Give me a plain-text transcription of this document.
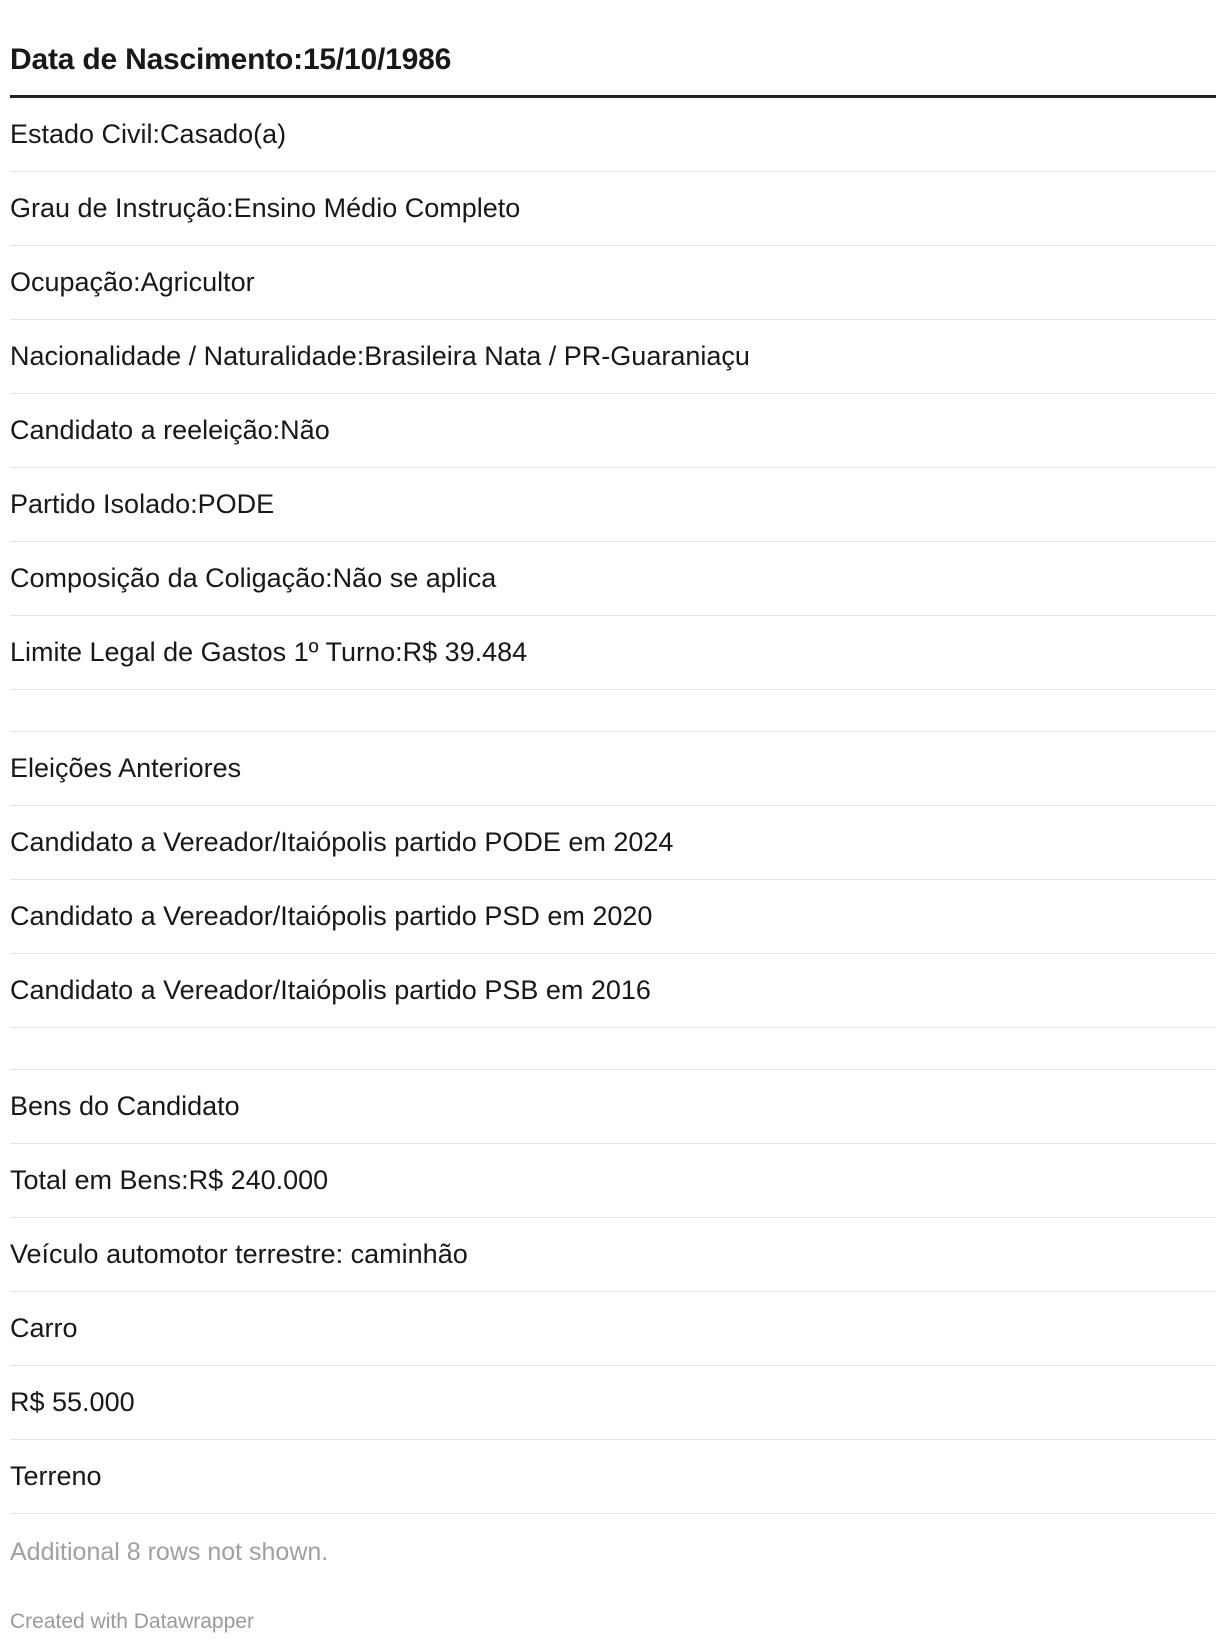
Data de Nascimento:15/10/1986
Estado Civil:Casado(a)
Grau de Instrução:Ensino Médio Completo
Ocupação:Agricultor
Nacionalidade / Naturalidade:Brasileira Nata / PR-Guaraniaçu
Candidato a reeleição:Não
Partido Isolado:PODE
Composição da Coligação:Não se aplica
Limite Legal de Gastos 1º Turno:R$ 39.484
Eleições Anteriores
Candidato a Vereador/Itaiópolis partido PODE em 2024
Candidato a Vereador/Itaiópolis partido PSD em 2020
Candidato a Vereador/Itaiópolis partido PSB em 2016
Bens do Candidato
Total em Bens:R$ 240.000
Veículo automotor terrestre: caminhão
Carro
R$ 55.000
Terreno
Additional 8 rows not shown.
Created with Datawrapper
